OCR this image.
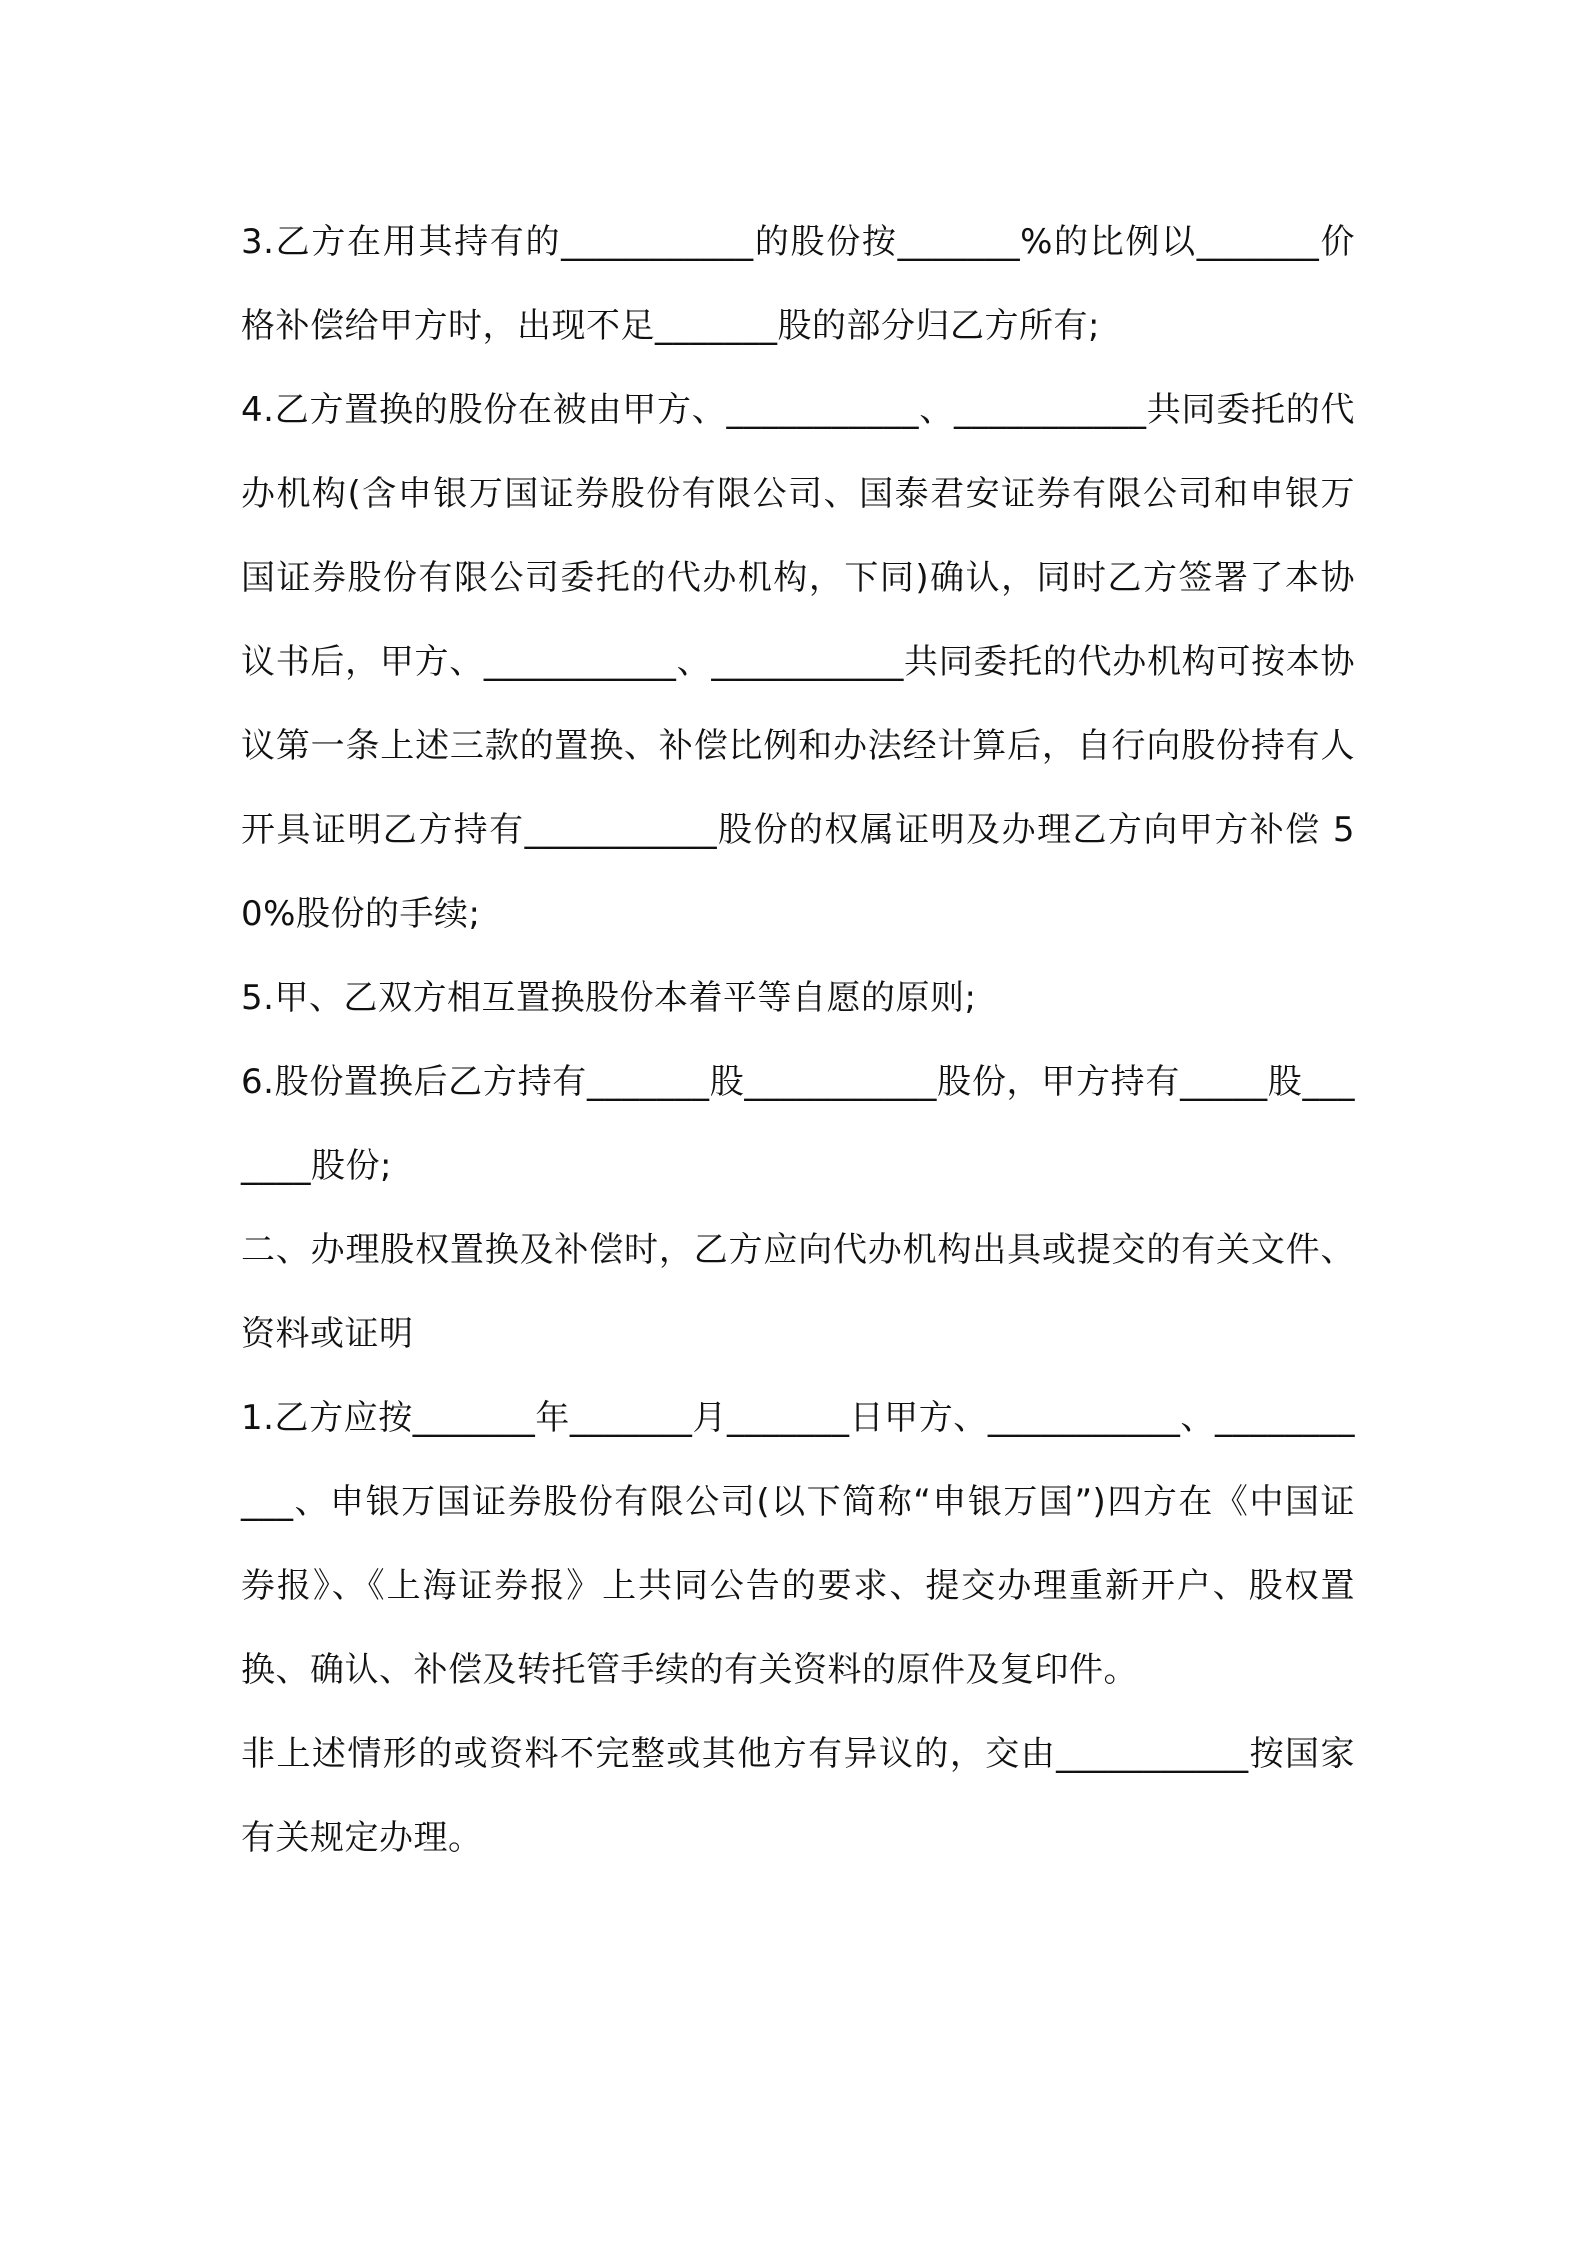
3.乙方在用其持有的___________的股份按_______%的比例以_______价格补偿给甲方时，出现不足_______股的部分归乙方所有;

4.乙方置换的股份在被由甲方、___________、___________共同委托的代办机构(含申银万国证券股份有限公司、国泰君安证券有限公司和申银万国证券股份有限公司委托的代办机构，下同)确认，同时乙方签署了本协议书后，甲方、___________、___________共同委托的代办机构可按本协议第一条上述三款的置换、补偿比例和办法经计算后，自行向股份持有人开具证明乙方持有___________股份的权属证明及办理乙方向甲方补偿 50%股份的手续;

5.甲、乙双方相互置换股份本着平等自愿的原则;

6.股份置换后乙方持有_______股___________股份，甲方持有_____股_______股份;

二、办理股权置换及补偿时，乙方应向代办机构出具或提交的有关文件、资料或证明

1.乙方应按_______年_______月_______日甲方、___________、___________、申银万国证券股份有限公司(以下简称“申银万国”)四方在《中国证券报》、《上海证券报》上共同公告的要求、提交办理重新开户、股权置换、确认、补偿及转托管手续的有关资料的原件及复印件。

非上述情形的或资料不完整或其他方有异议的，交由___________按国家有关规定办理。
